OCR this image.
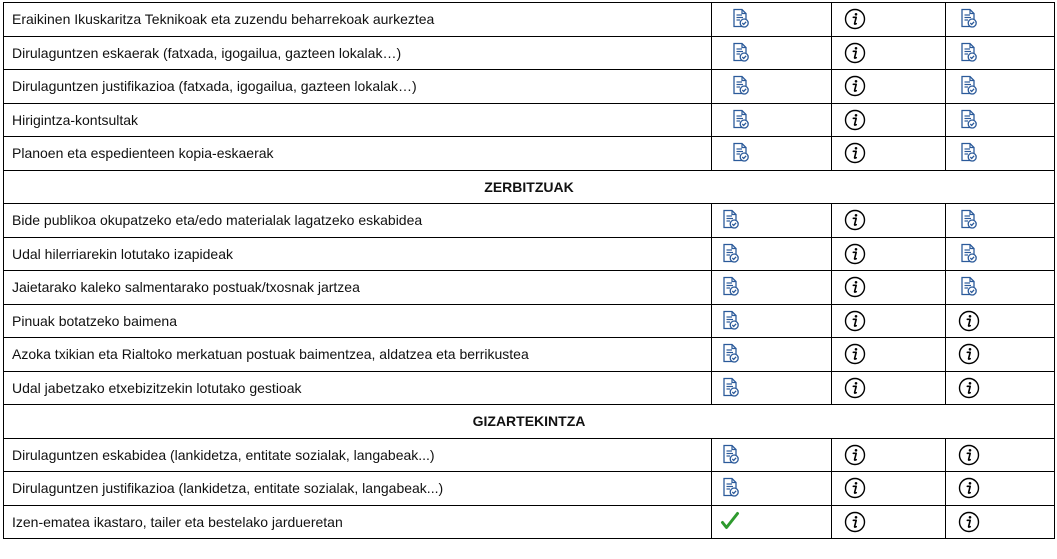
Eraikinen Ikuskaritza Teknikoak eta zuzendu beharrekoak aurkeztea	

Dirulaguntzen eskaerak (fatxada, igogailua, gazteen lokalak…)	

Dirulaguntzen justifikazioa (fatxada, igogailua, gazteen lokalak…)	

Hirigintza-kontsultak	

Planoen eta espedienteen kopia-eskaerak	

ZERBITZUAK			
Bide publikoa okupatzeko eta/edo materialak lagatzeko eskabidea	

Udal hilerriarekin lotutako izapideak	

Jaietarako kaleko salmentarako postuak/txosnak jartzea	

Pinuak botatzeko baimena	

Azoka txikian eta Rialtoko merkatuan postuak baimentzea, aldatzea eta berrikustea	

Udal jabetzako etxebizitzekin lotutako gestioak	

GIZARTEKINTZA			
Dirulaguntzen eskabidea (lankidetza, entitate sozialak, langabeak...)	

Dirulaguntzen justifikazioa (lankidetza, entitate sozialak, langabeak...)	

Izen-ematea ikastaro, tailer eta bestelako jardueretan	
